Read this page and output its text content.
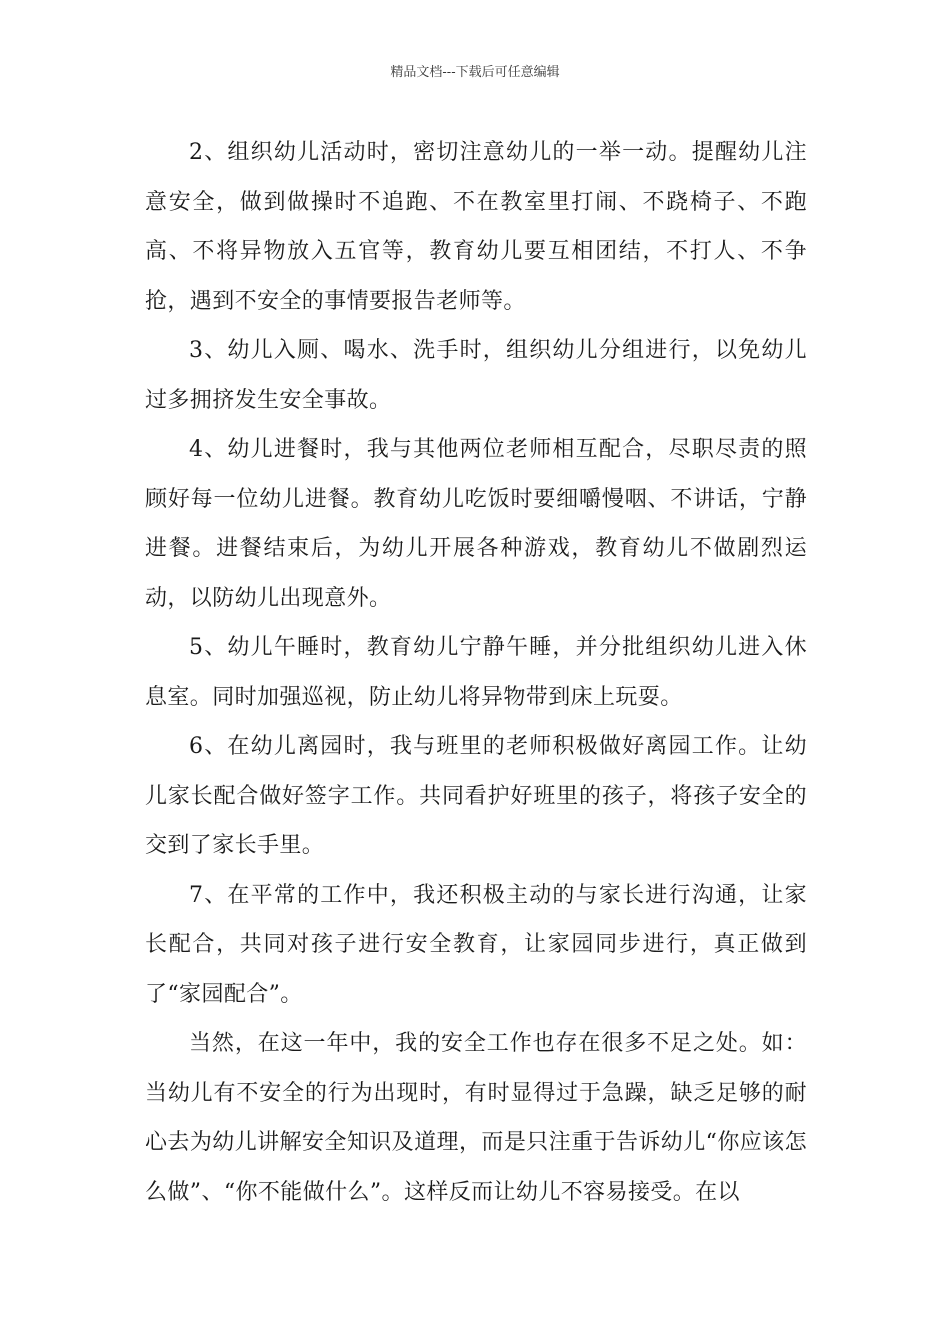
精品文档---下载后可任意编辑

2、组织幼儿活动时，密切注意幼儿的一举一动。提醒幼儿注意安全，做到做操时不追跑、不在教室里打闹、不跷椅子、不跑高、不将异物放入五官等，教育幼儿要互相团结，不打人、不争抢，遇到不安全的事情要报告老师等。

3、幼儿入厕、喝水、洗手时，组织幼儿分组进行，以免幼儿过多拥挤发生安全事故。

4、幼儿进餐时，我与其他两位老师相互配合，尽职尽责的照顾好每一位幼儿进餐。教育幼儿吃饭时要细嚼慢咽、不讲话，宁静进餐。进餐结束后，为幼儿开展各种游戏，教育幼儿不做剧烈运动，以防幼儿出现意外。

5、幼儿午睡时，教育幼儿宁静午睡，并分批组织幼儿进入休息室。同时加强巡视，防止幼儿将异物带到床上玩耍。

6、在幼儿离园时，我与班里的老师积极做好离园工作。让幼儿家长配合做好签字工作。共同看护好班里的孩子，将孩子安全的交到了家长手里。

7、在平常的工作中，我还积极主动的与家长进行沟通，让家长配合，共同对孩子进行安全教育，让家园同步进行，真正做到了“家园配合”。

当然，在这一年中，我的安全工作也存在很多不足之处。如：当幼儿有不安全的行为出现时，有时显得过于急躁，缺乏足够的耐心去为幼儿讲解安全知识及道理，而是只注重于告诉幼儿“你应该怎么做”、“你不能做什么”。这样反而让幼儿不容易接受。在以
